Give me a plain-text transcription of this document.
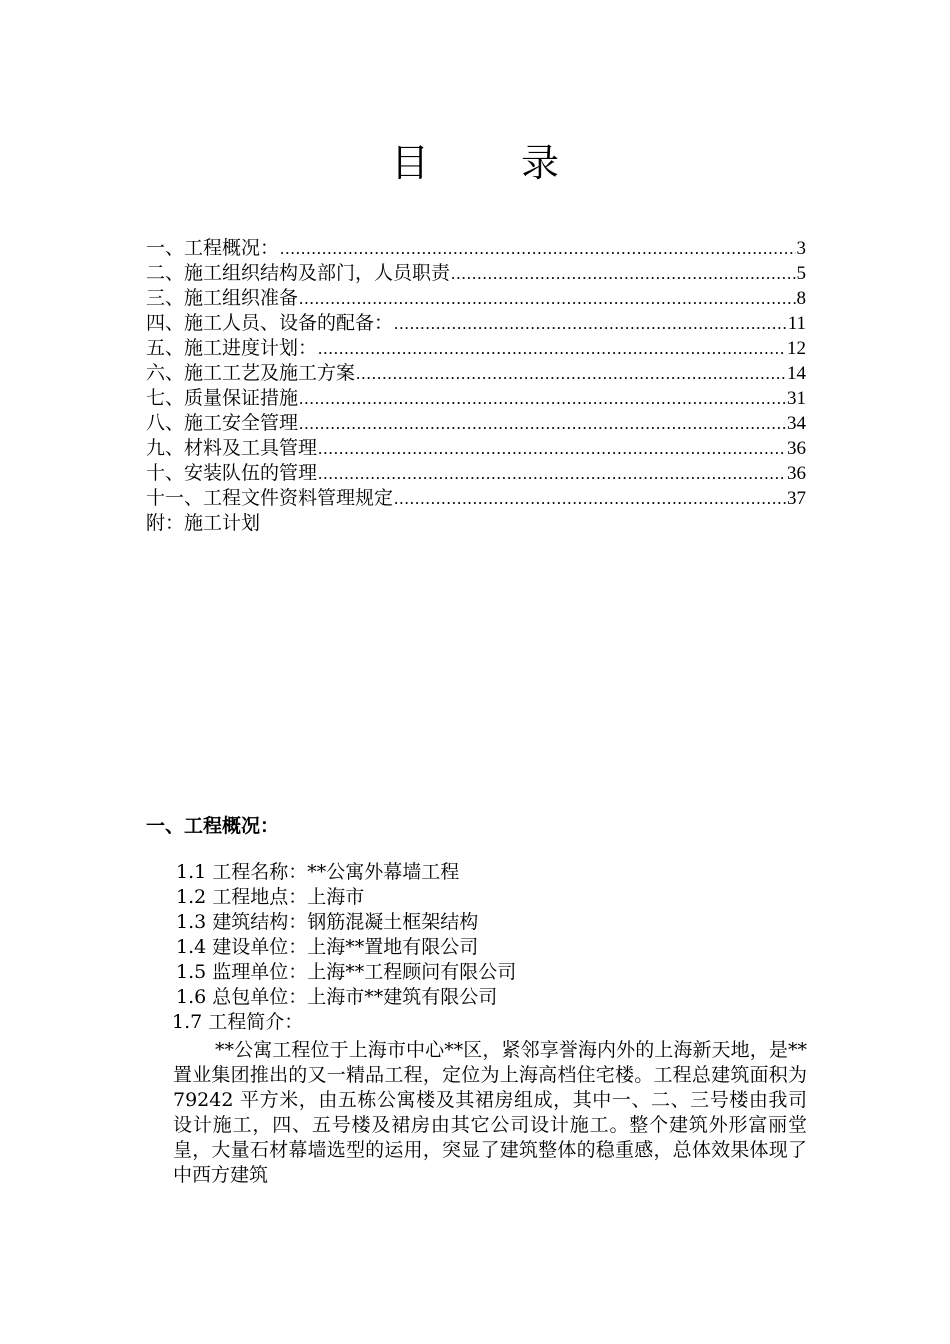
目 录
一、工程概况： .....	3
二、施工组织结构及部门，人员职责 .....	5
三、施工组织准备 .....	8
四、施工人员、设备的配备： .....	11
五、施工进度计划： .....	12
六、施工工艺及施工方案 .....	14
七、质量保证措施 .....	31
八、施工安全管理 .....	34
九、材料及工具管理 .....	36
十、安装队伍的管理 .....	36
十一、工程文件资料管理规定 .....	37
附：施工计划
一、工程概况：
1.1 工程名称：**公寓外幕墙工程
1.2 工程地点：上海市
1.3 建筑结构：钢筋混凝土框架结构
1.4 建设单位：上海**置地有限公司
1.5 监理单位：上海**工程顾问有限公司
1.6 总包单位：上海市**建筑有限公司
1.7 工程简介：
**公寓工程位于上海市中心**区，紧邻享誉海内外的上海新天地，是**置业集团推出的又一精品工程，定位为上海高档住宅楼。工程总建筑面积为 79242 平方米，由五栋公寓楼及其裙房组成，其中一、二、三号楼由我司设计施工，四、五号楼及裙房由其它公司设计施工。整个建筑外形富丽堂皇，大量石材幕墙选型的运用，突显了建筑整体的稳重感，总体效果体现了中西方建筑
